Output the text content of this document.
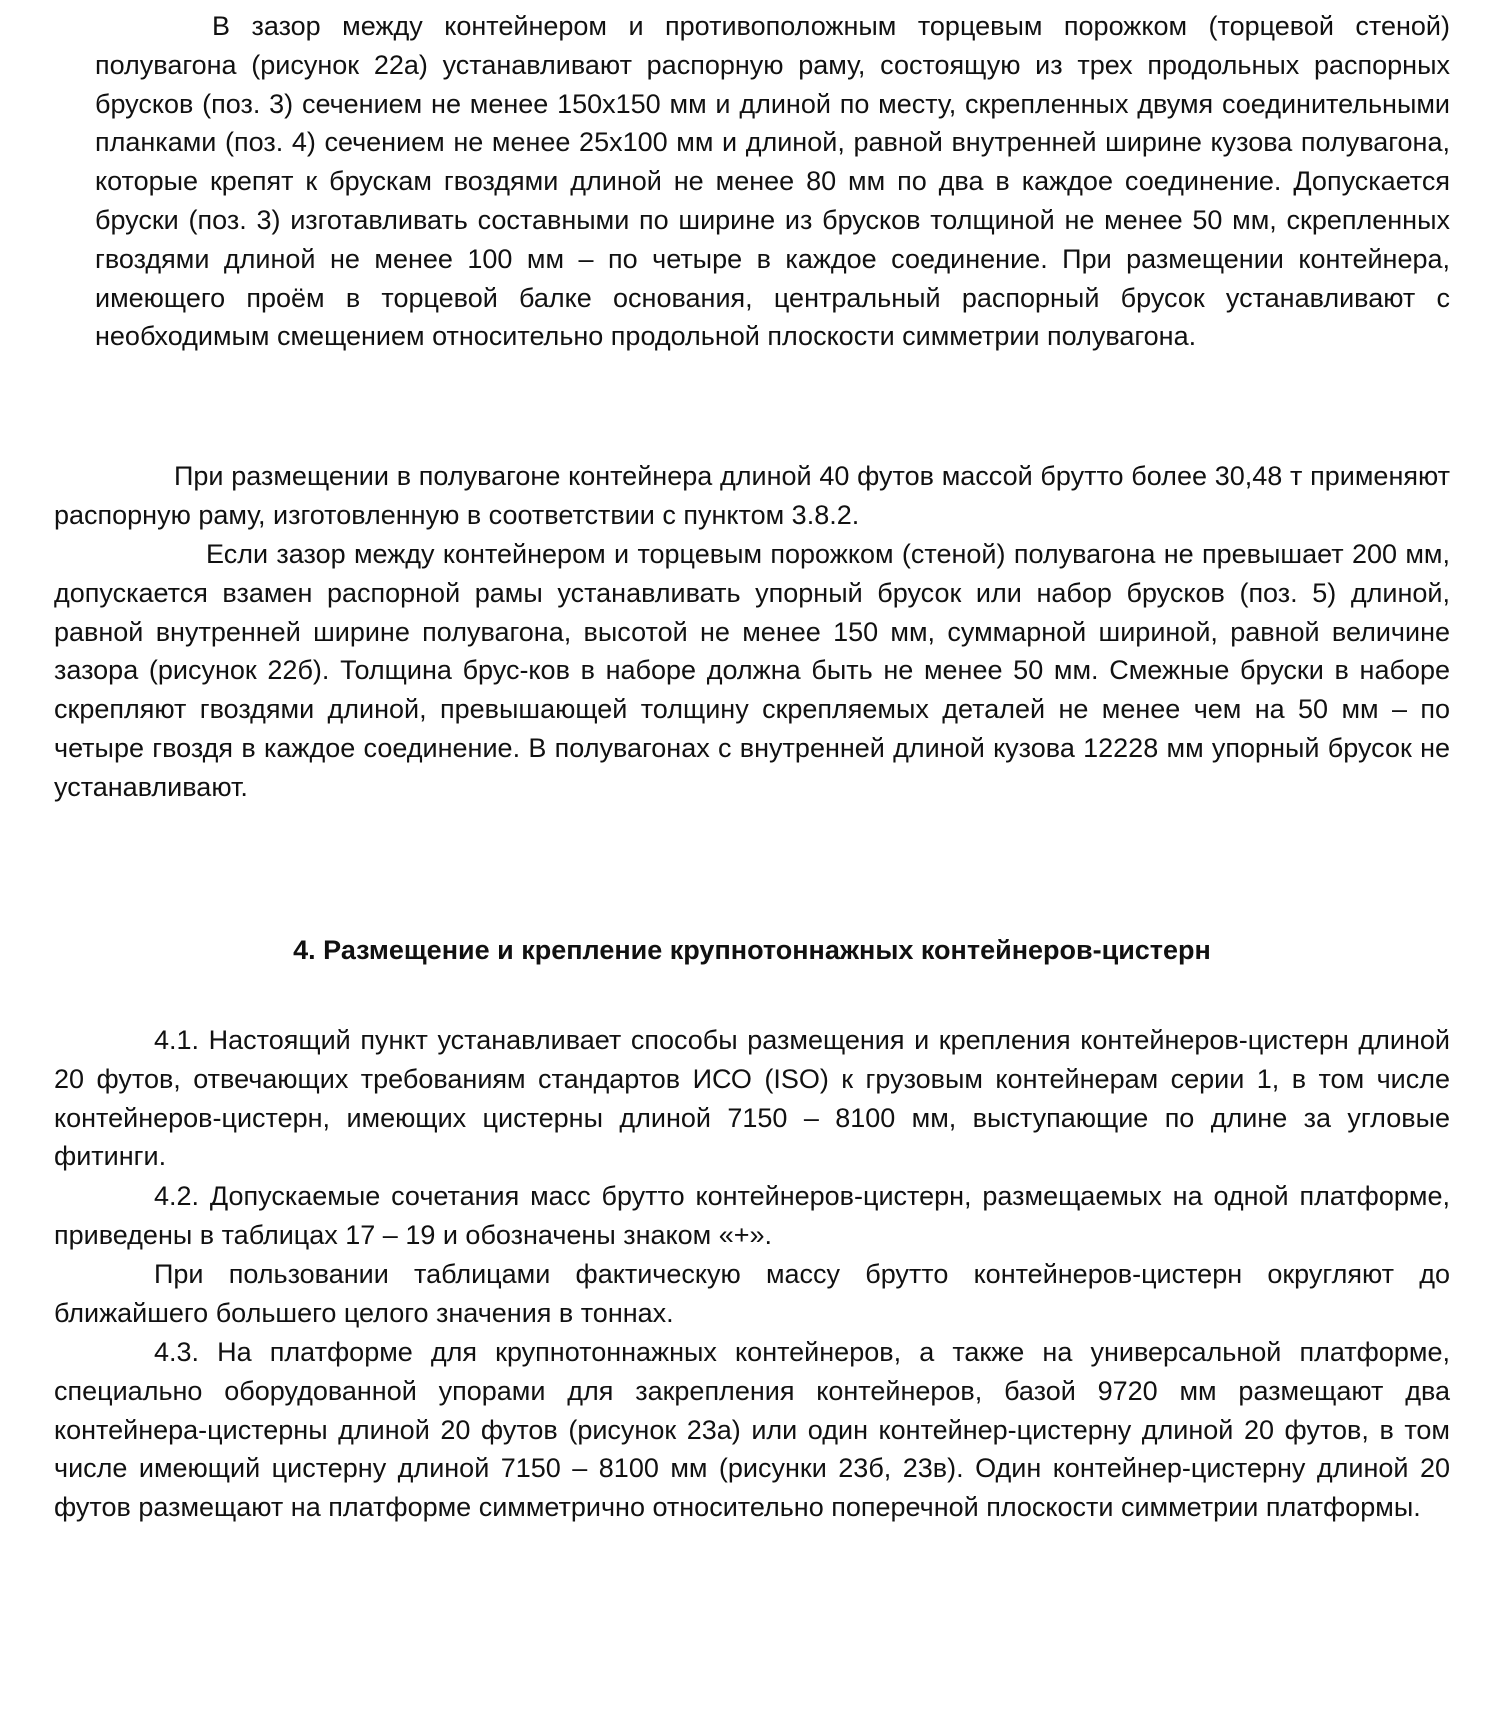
В зазор между контейнером и противоположным торцевым порожком (торцевой стеной) полувагона (рисунок 22а) устанавливают распорную раму, состоящую из трех продольных распорных брусков (поз. 3) сечением не менее 150х150 мм и длиной по месту, скрепленных двумя соединительными планками (поз. 4) сечением не менее 25х100 мм и длиной, равной внутренней ширине кузова полувагона, которые крепят к брускам гвоздями длиной не менее 80 мм по два в каждое соединение. Допускается бруски (поз. 3) изготавливать составными по ширине из брусков толщиной не менее 50 мм, скрепленных гвоздями длиной не менее 100 мм – по четыре в каждое соединение. При размещении контейнера, имеющего проём в торцевой балке основания, центральный распорный брусок устанавливают с необходимым смещением относительно продольной плоскости симметрии полувагона.

При размещении в полувагоне контейнера длиной 40 футов массой брутто более 30,48 т применяют распорную раму, изготовленную в соответствии с пунктом 3.8.2.

Если зазор между контейнером и торцевым порожком (стеной) полувагона не превышает 200 мм, допускается взамен распорной рамы устанавливать упорный брусок или набор брусков (поз. 5) длиной, равной внутренней ширине полувагона, высотой не менее 150 мм, суммарной шириной, равной величине зазора (рисунок 22б). Толщина брус-ков в наборе должна быть не менее 50 мм. Смежные бруски в наборе скрепляют гвоздями длиной, превышающей толщину скрепляемых деталей не менее чем на 50 мм – по четыре гвоздя в каждое соединение. В полувагонах с внутренней длиной кузова 12228 мм упорный брусок не устанавливают.

4. Размещение и крепление крупнотоннажных контейнеров-цистерн

4.1. Настоящий пункт устанавливает способы размещения и крепления контейнеров-цистерн длиной 20 футов, отвечающих требованиям стандартов ИСО (ISO) к грузовым контейнерам серии 1, в том числе контейнеров-цистерн, имеющих цистерны длиной 7150 – 8100 мм, выступающие по длине за угловые фитинги.

4.2. Допускаемые сочетания масс брутто контейнеров-цистерн, размещаемых на одной платформе, приведены в таблицах 17 – 19 и обозначены знаком «+».

При пользовании таблицами фактическую массу брутто контейнеров-цистерн округляют до ближайшего большего целого значения в тоннах.

4.3. На платформе для крупнотоннажных контейнеров, а также на универсальной платформе, специально оборудованной упорами для закрепления контейнеров, базой 9720 мм размещают два контейнера-цистерны длиной 20 футов (рисунок 23а) или один контейнер-цистерну длиной 20 футов, в том числе имеющий цистерну длиной 7150 – 8100 мм (рисунки 23б, 23в). Один контейнер-цистерну длиной 20 футов размещают на платформе симметрично относительно поперечной плоскости симметрии платформы.
